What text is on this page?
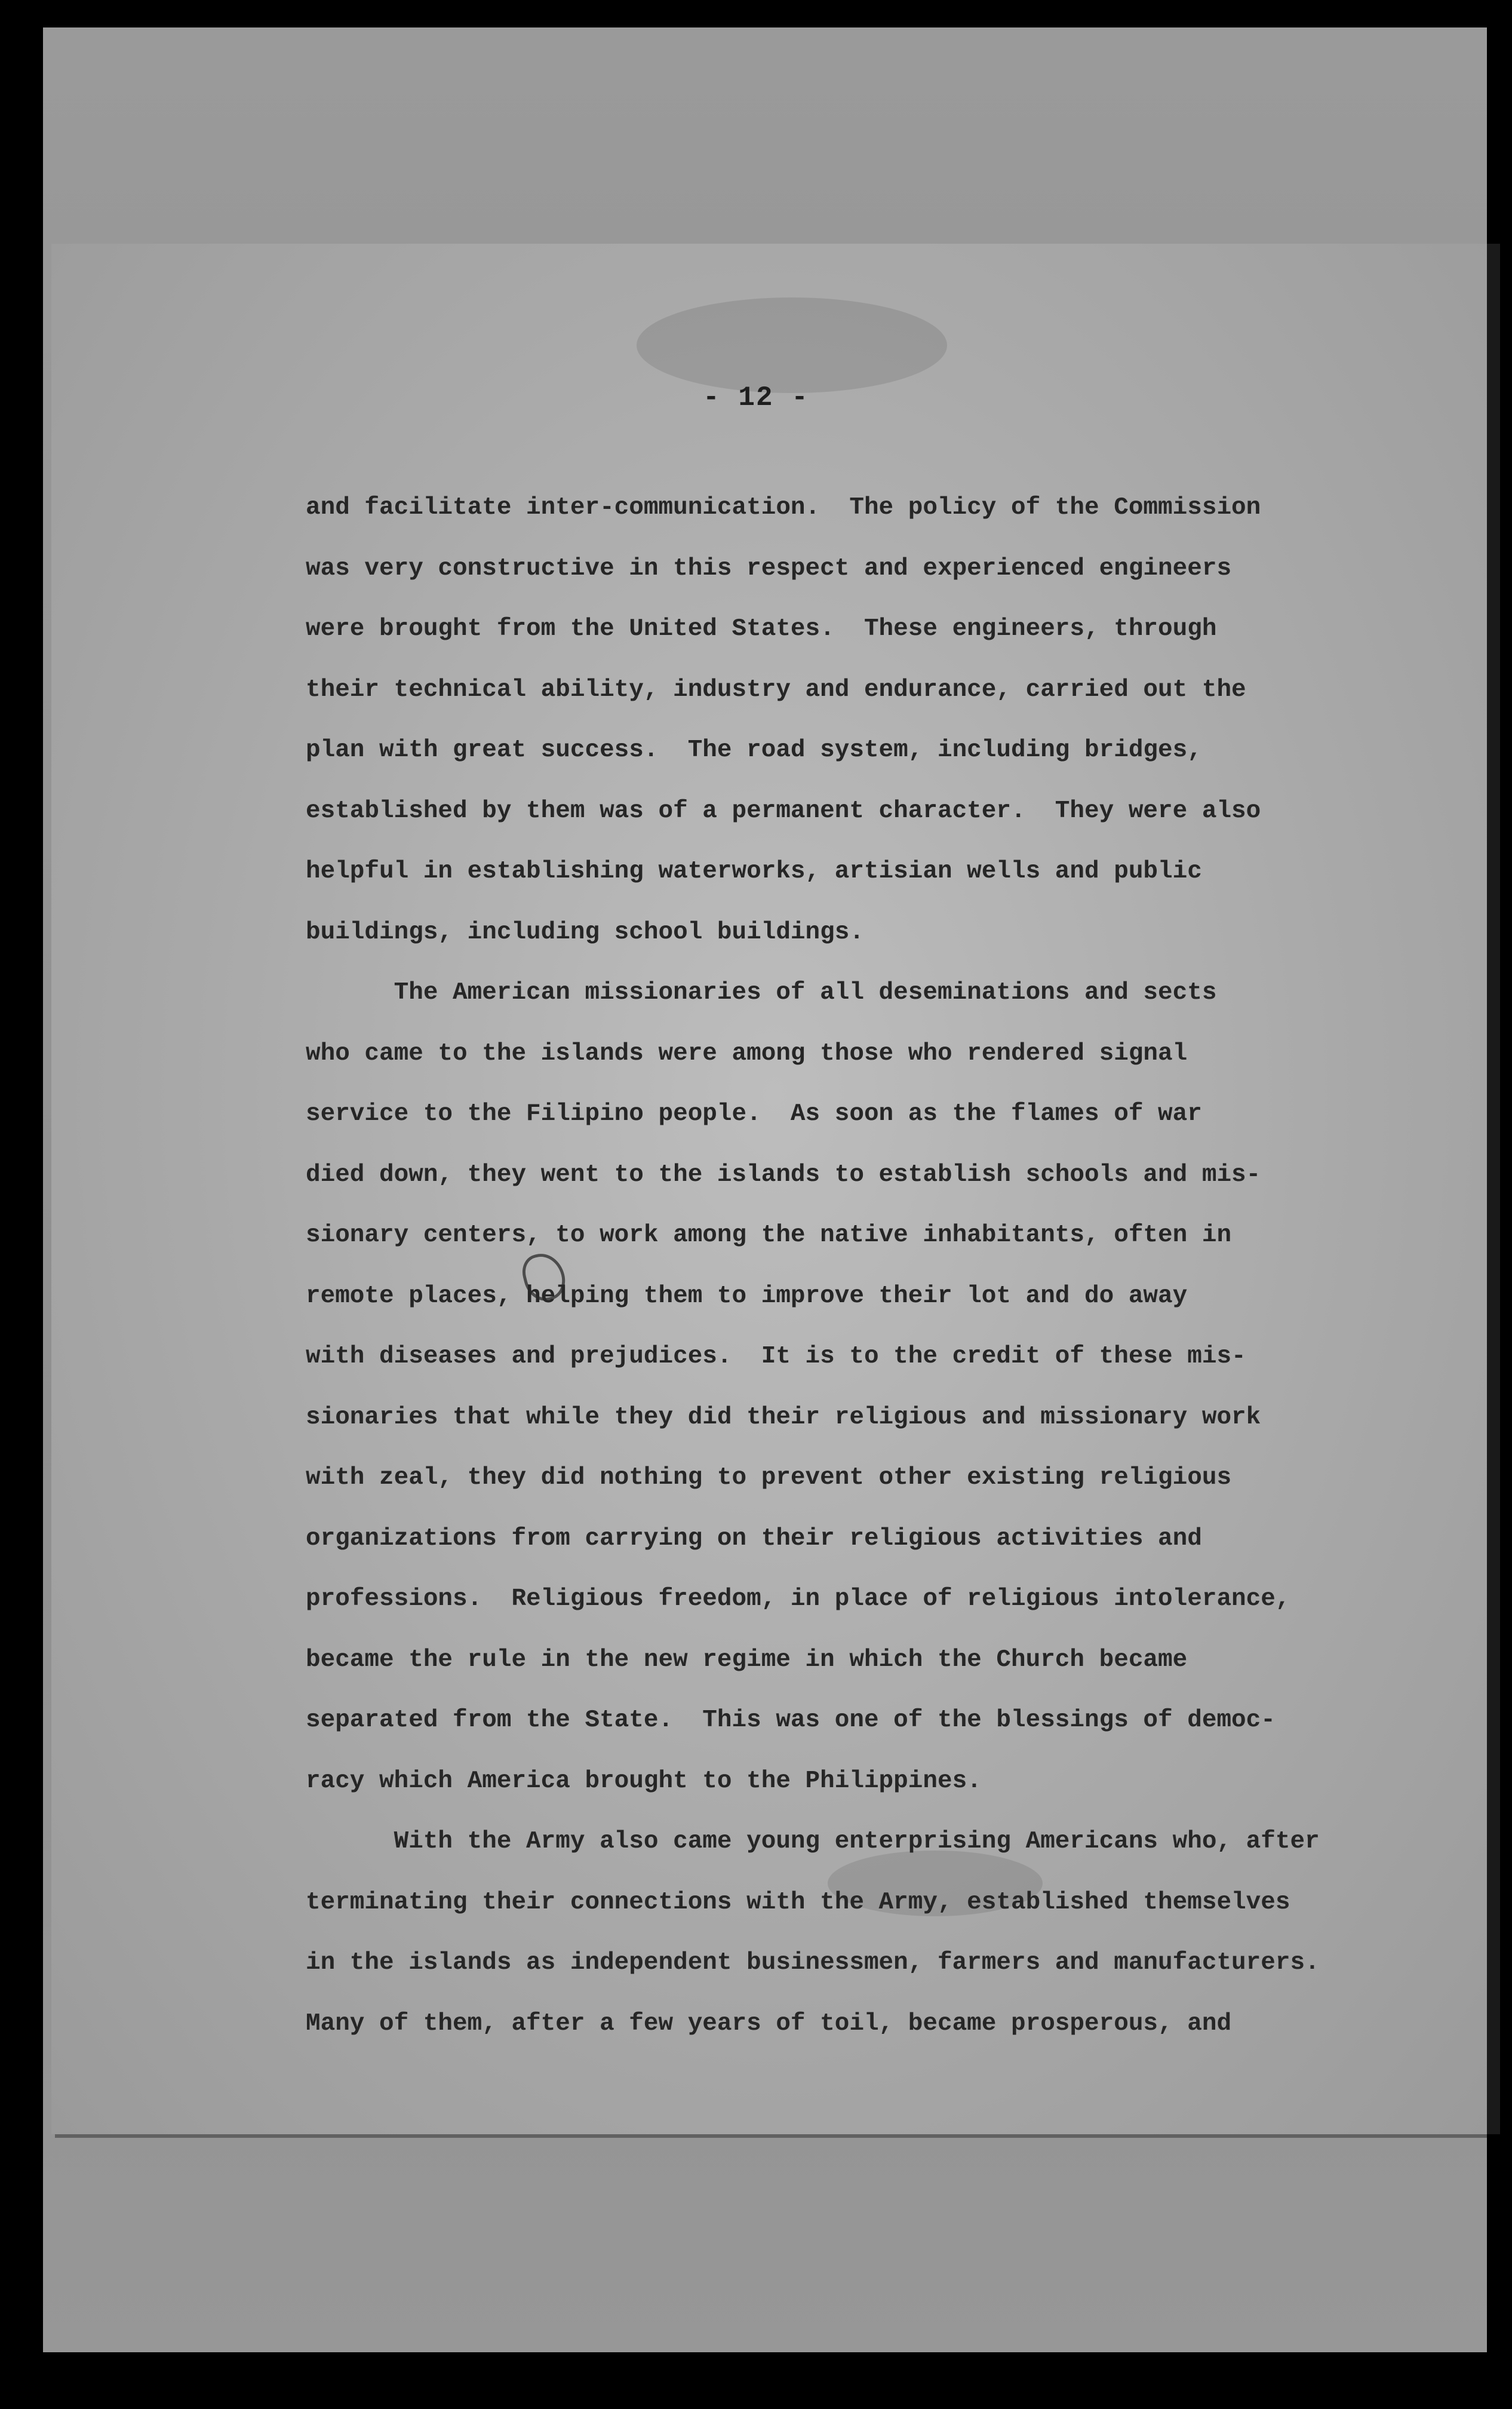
- 12 -
and facilitate inter-communication.  The policy of the Commission
was very constructive in this respect and experienced engineers
were brought from the United States.  These engineers, through
their technical ability, industry and endurance, carried out the
plan with great success.  The road system, including bridges,
established by them was of a permanent character.  They were also
helpful in establishing waterworks, artisian wells and public
buildings, including school buildings.
The American missionaries of all deseminations and sects
who came to the islands were among those who rendered signal
service to the Filipino people.  As soon as the flames of war
died down, they went to the islands to establish schools and mis-
sionary centers, to work among the native inhabitants, often in
remote places, helping them to improve their lot and do away
with diseases and prejudices.  It is to the credit of these mis-
sionaries that while they did their religious and missionary work
with zeal, they did nothing to prevent other existing religious
organizations from carrying on their religious activities and
professions.  Religious freedom, in place of religious intolerance,
became the rule in the new regime in which the Church became
separated from the State.  This was one of the blessings of democ-
racy which America brought to the Philippines.
With the Army also came young enterprising Americans who, after
terminating their connections with the Army, established themselves
in the islands as independent businessmen, farmers and manufacturers.
Many of them, after a few years of toil, became prosperous, and
